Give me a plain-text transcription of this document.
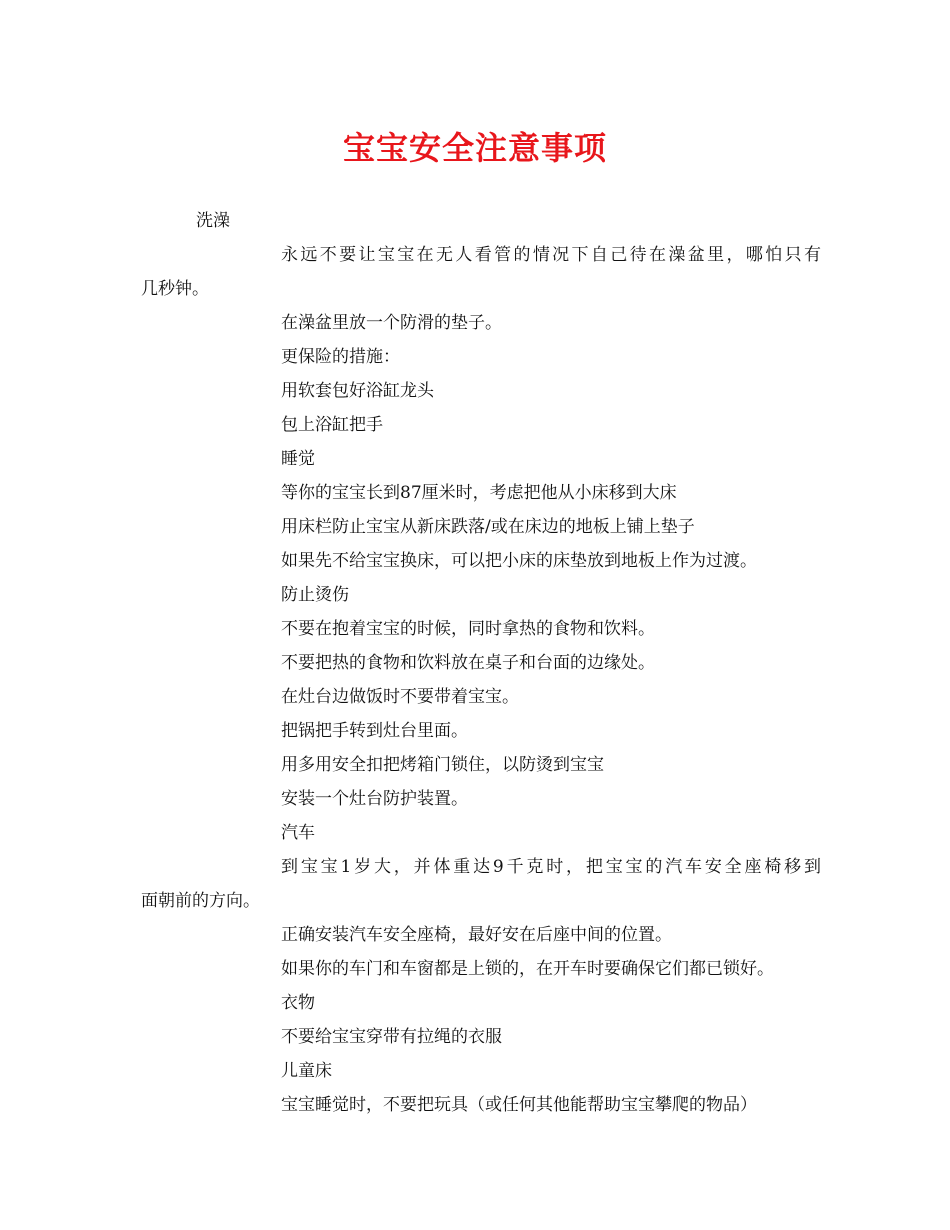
宝宝安全注意事项
洗澡
永远不要让宝宝在无人看管的情况下自己待在澡盆里，哪怕只有
几秒钟。
在澡盆里放一个防滑的垫子。
更保险的措施：
用软套包好浴缸龙头
包上浴缸把手
睡觉
等你的宝宝长到87厘米时，考虑把他从小床移到大床
用床栏防止宝宝从新床跌落/或在床边的地板上铺上垫子
如果先不给宝宝换床，可以把小床的床垫放到地板上作为过渡。
防止烫伤
不要在抱着宝宝的时候，同时拿热的食物和饮料。
不要把热的食物和饮料放在桌子和台面的边缘处。
在灶台边做饭时不要带着宝宝。
把锅把手转到灶台里面。
用多用安全扣把烤箱门锁住，以防烫到宝宝
安装一个灶台防护装置。
汽车
到宝宝1岁大，并体重达9千克时，把宝宝的汽车安全座椅移到
面朝前的方向。
正确安装汽车安全座椅，最好安在后座中间的位置。
如果你的车门和车窗都是上锁的，在开车时要确保它们都已锁好。
衣物
不要给宝宝穿带有拉绳的衣服
儿童床
宝宝睡觉时，不要把玩具（或任何其他能帮助宝宝攀爬的物品）
